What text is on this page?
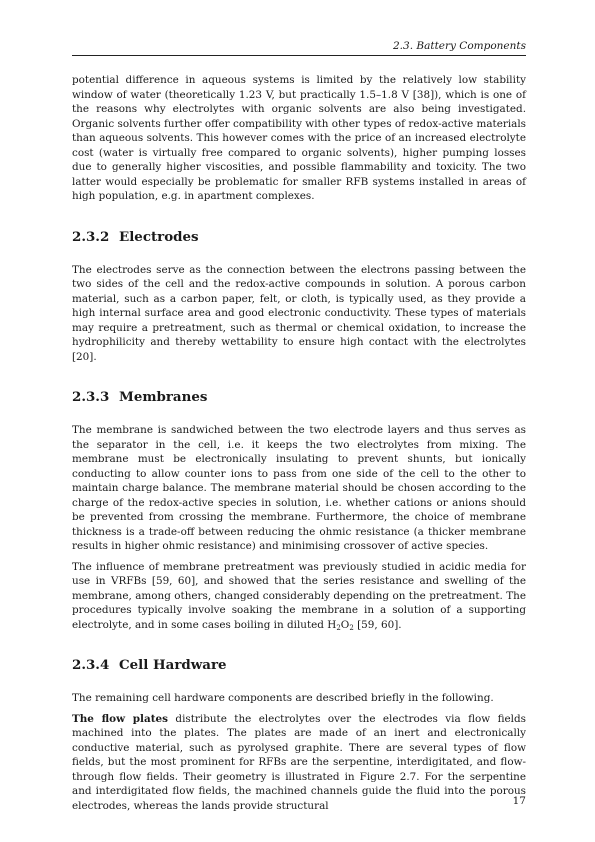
2.3. Battery Components

potential difference in aqueous systems is limited by the relatively low stability window of water (theoretically 1.23 V, but practically 1.5–1.8 V [38]), which is one of the reasons why electrolytes with organic solvents are also being investigated. Organic solvents further offer compatibility with other types of redox-active materials than aqueous solvents. This however comes with the price of an increased electrolyte cost (water is virtually free compared to organic solvents), higher pumping losses due to generally higher viscosities, and possible flammability and toxicity. The two latter would especially be problematic for smaller RFB systems installed in areas of high population, e.g. in apartment complexes.

2.3.2 Electrodes

The electrodes serve as the connection between the electrons passing between the two sides of the cell and the redox-active compounds in solution. A porous carbon material, such as a carbon paper, felt, or cloth, is typically used, as they provide a high internal surface area and good electronic conductivity. These types of materials may require a pretreatment, such as thermal or chemical oxidation, to increase the hydrophilicity and thereby wettability to ensure high contact with the electrolytes [20].

2.3.3 Membranes

The membrane is sandwiched between the two electrode layers and thus serves as the separator in the cell, i.e. it keeps the two electrolytes from mixing. The membrane must be electronically insulating to prevent shunts, but ionically conducting to allow counter ions to pass from one side of the cell to the other to maintain charge balance. The membrane material should be chosen according to the charge of the redox-active species in solution, i.e. whether cations or anions should be prevented from crossing the membrane. Furthermore, the choice of membrane thickness is a trade-off between reducing the ohmic resistance (a thicker membrane results in higher ohmic resistance) and minimising crossover of active species.

The influence of membrane pretreatment was previously studied in acidic media for use in VRFBs [59, 60], and showed that the series resistance and swelling of the membrane, among others, changed considerably depending on the pretreatment. The procedures typically involve soaking the membrane in a solution of a supporting electrolyte, and in some cases boiling in diluted $H_2O_2$ [59, 60].

2.3.4 Cell Hardware

The remaining cell hardware components are described briefly in the following.

The flow plates distribute the electrolytes over the electrodes via flow fields machined into the plates. The plates are made of an inert and electronically conductive material, such as pyrolysed graphite. There are several types of flow fields, but the most prominent for RFBs are the serpentine, interdigitated, and flow-through flow fields. Their geometry is illustrated in Figure 2.7. For the serpentine and interdigitated flow fields, the machined channels guide the fluid into the porous electrodes, whereas the lands provide structural	17
